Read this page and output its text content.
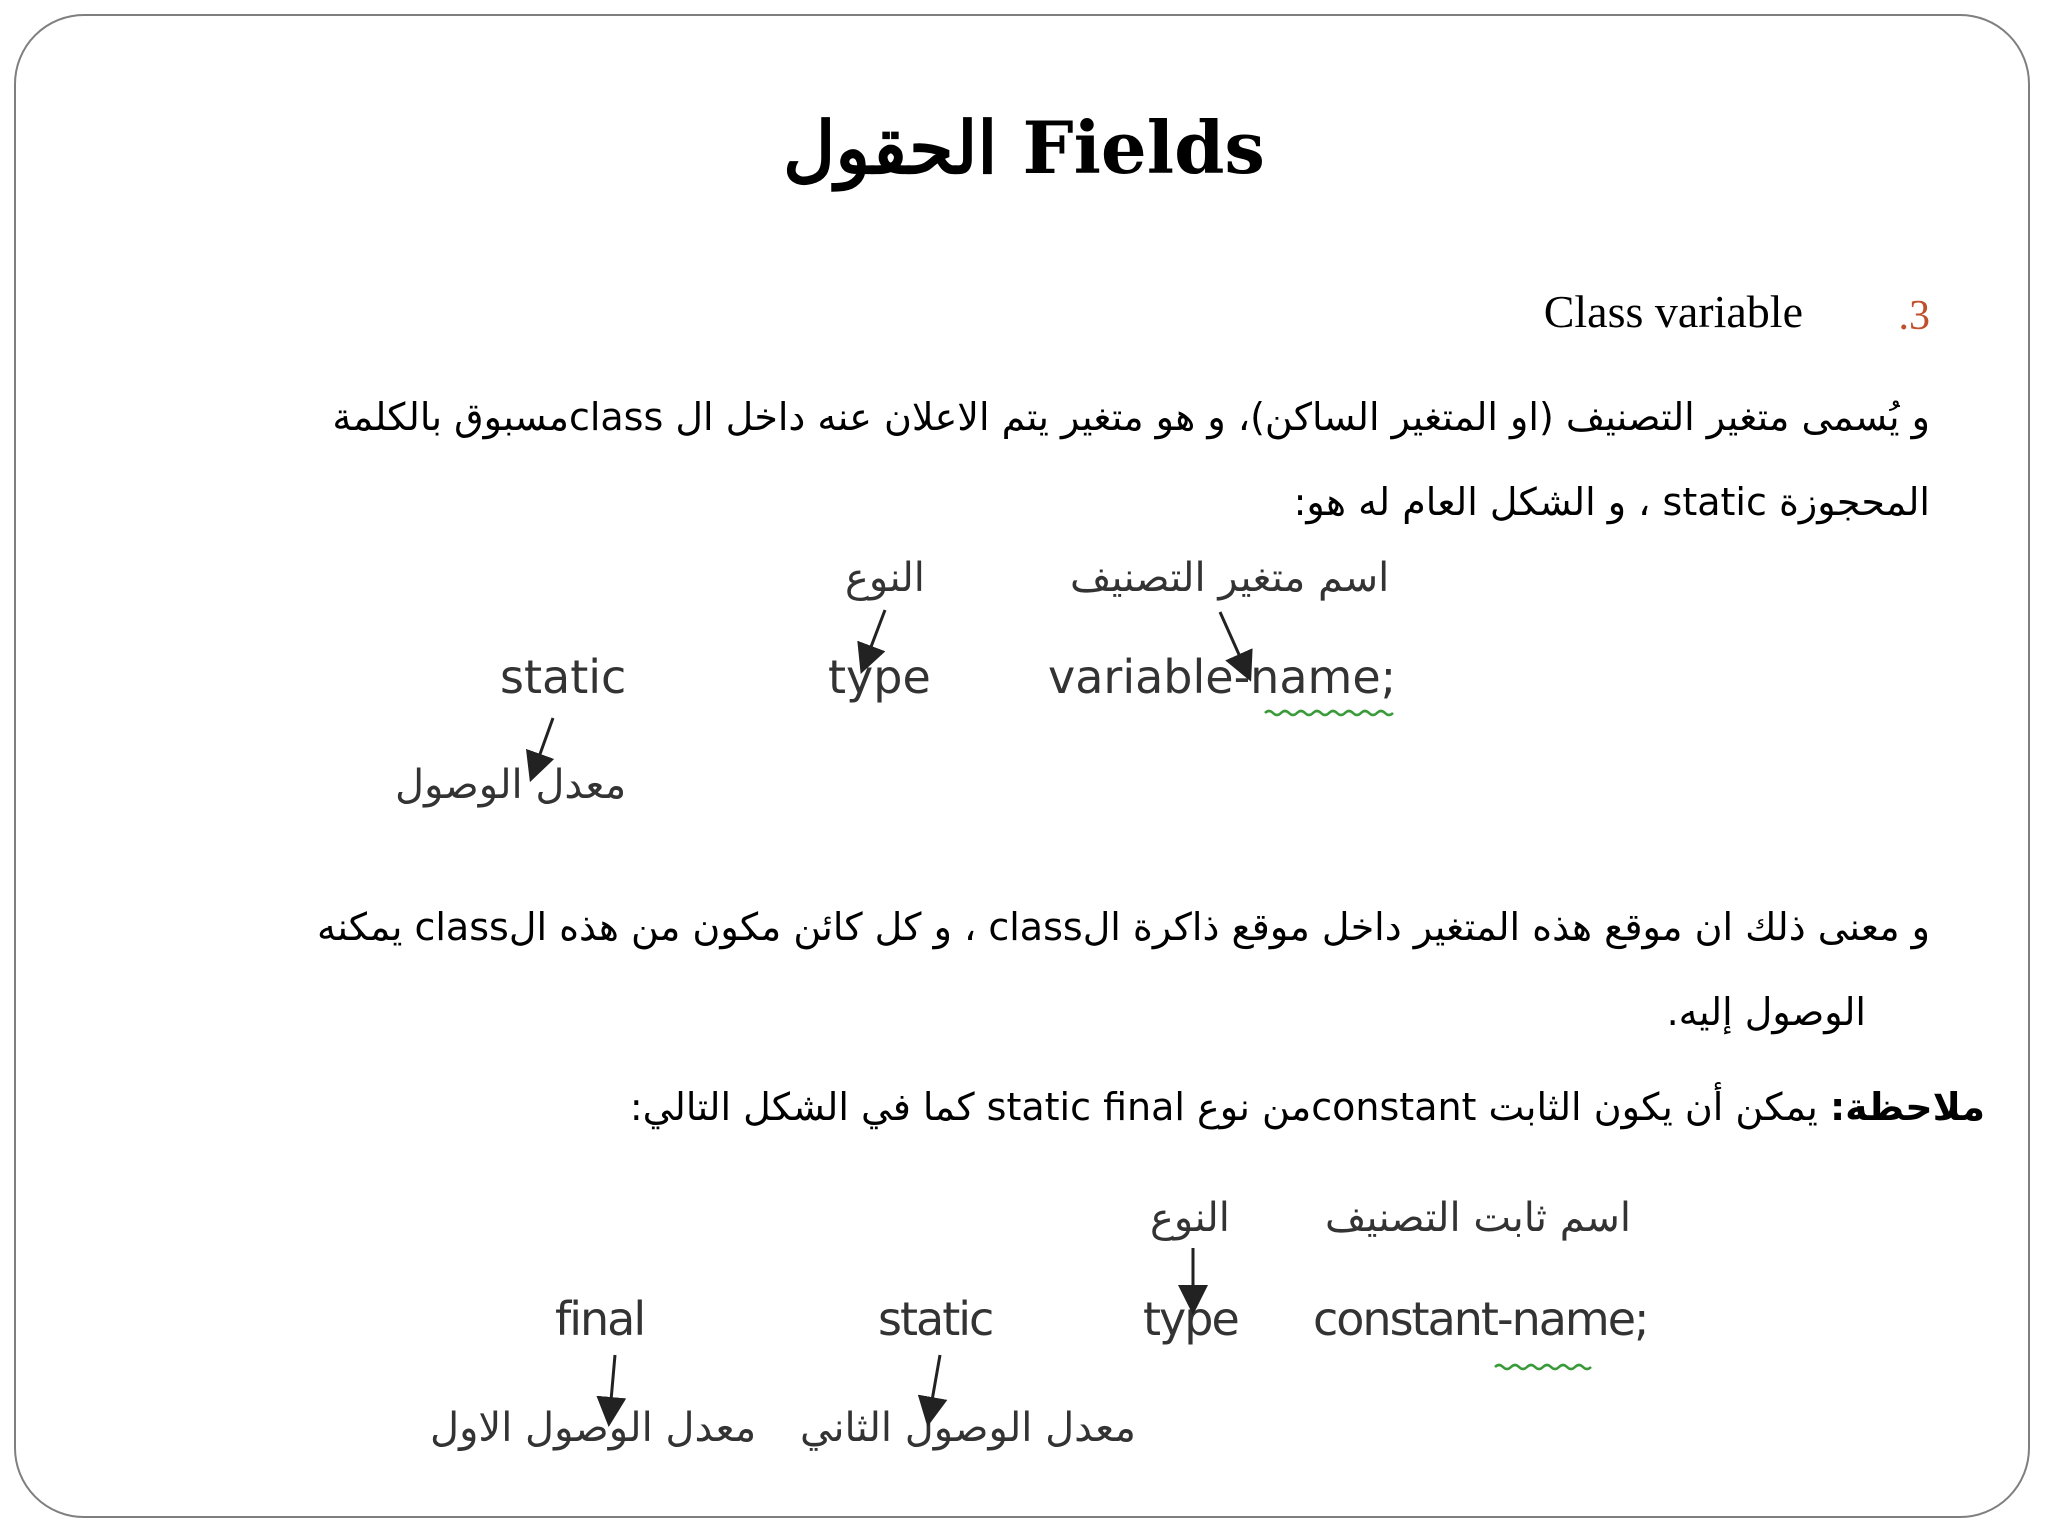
الحقول Fields
.3
Class variable
و يُسمى متغير التصنيف (او المتغير الساكن)، و هو متغير يتم الاعلان عنه داخل ال classمسبوق بالكلمة
المحجوزة static ، و الشكل العام له هو:
النوع	اسم متغير التصنيف
static	type	variable-name;
معدل الوصول
و معنى ذلك ان موقع هذه المتغير داخل موقع ذاكرة الclass ، و كل كائن مكون من هذه الclass يمكنه
الوصول إليه.
ملاحظة: يمكن أن يكون الثابت constantمن نوع static final كما في الشكل التالي:
النوع اسم ثابت التصنيف
final	static	type constant-name;
معدل الوصول الاول معدل الوصول الثاني
